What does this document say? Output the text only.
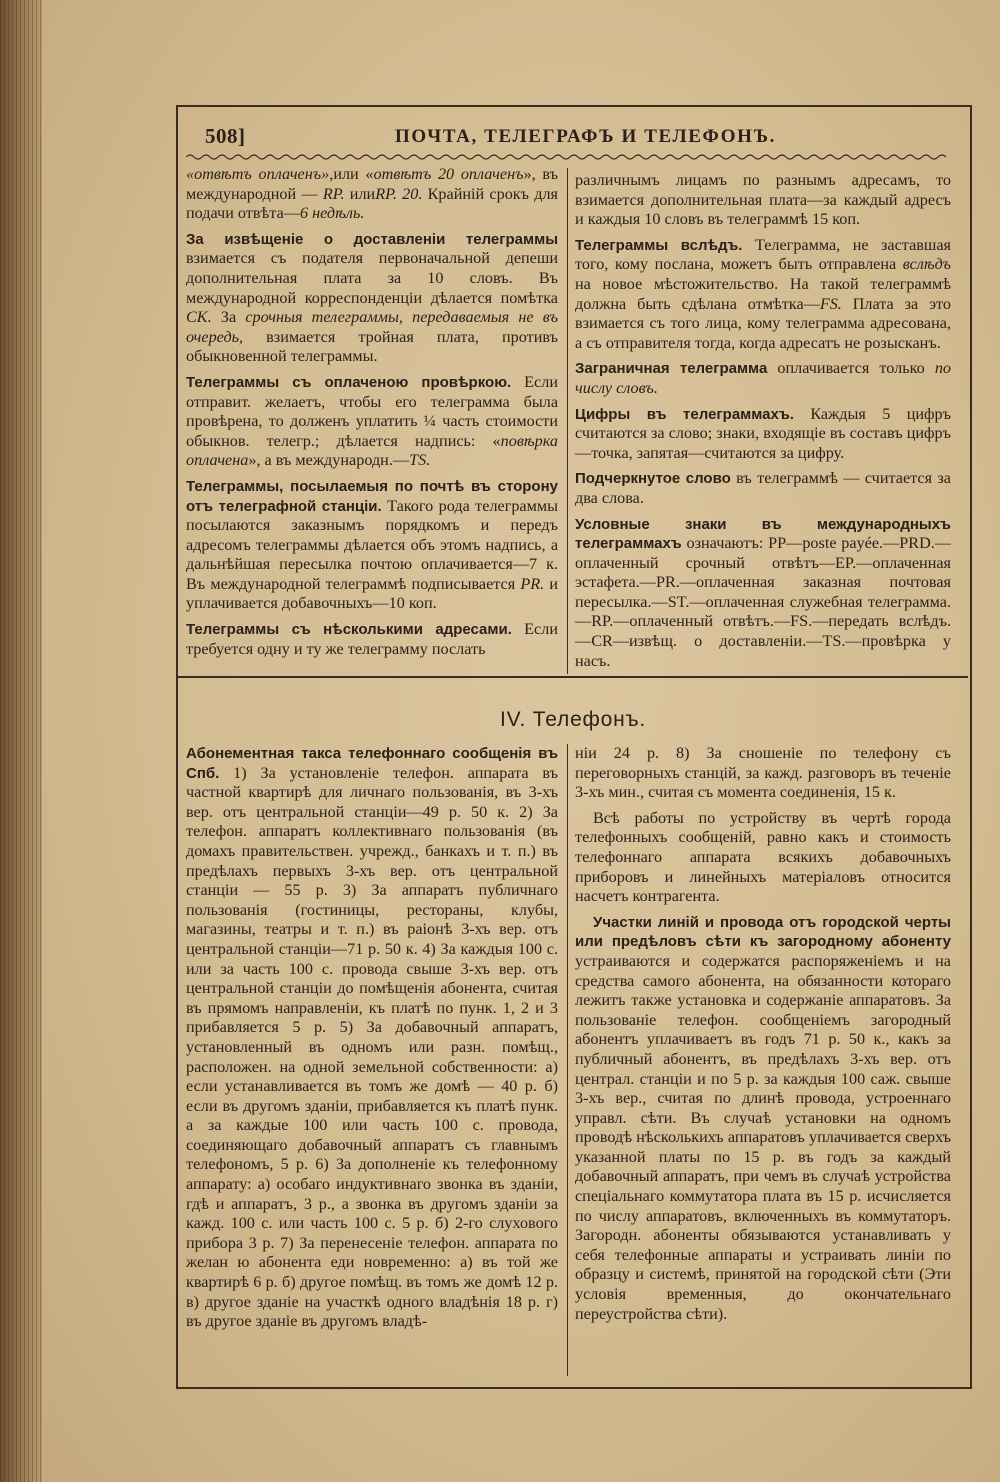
508]	ПОЧТА, ТЕЛЕГРАФЪ И ТЕЛЕФОНЪ.

«отвѣтъ оплаченъ»,или «отвѣтъ 20 оплаченъ», въ международной — RP. илиRP. 20. Крайній срокъ для подачи отвѣта—6 недѣль.

За извѣщеніе о доставленіи телеграммы взимается съ подателя первоначальной депеши дополнительная плата за 10 словъ. Въ международной корреспонденціи дѣлается помѣтка CK. За срочныя телеграммы, передаваемыя не въ очередь, взимается тройная плата, противъ обыкновенной телеграммы.

Телеграммы съ оплаченою провѣркою. Если отправит. желаетъ, чтобы его телеграмма была провѣрена, то долженъ уплатить ¼ часть стоимости обыкнов. телегр.; дѣлается надпись: «повѣрка оплачена», а въ международн.—TS.

Телеграммы, посылаемыя по почтѣ въ сторону отъ телеграфной станціи. Такого рода телеграммы посылаются заказнымъ порядкомъ и передъ адресомъ телеграммы дѣлается объ этомъ надпись, а дальнѣйшая пересылка почтою оплачивается—7 к. Въ международной телеграммѣ подписывается PR. и уплачивается добавочныхъ—10 коп.

Телеграммы съ нѣсколькими адресами. Если требуется одну и ту же телеграмму послать

различнымъ лицамъ по разнымъ адресамъ, то взимается дополнительная плата—за каждый адресъ и каждыя 10 словъ въ телеграммѣ 15 коп.

Телеграммы вслѣдъ. Телеграмма, не заставшая того, кому послана, можетъ быть отправлена вслѣдъ на новое мѣстожительство. На такой телеграммѣ должна быть сдѣлана отмѣтка—FS. Плата за это взимается съ того лица, кому телеграмма адресована, а съ отправителя тогда, когда адресатъ не розысканъ.

Заграничная телеграмма оплачивается только по числу словъ.

Цифры въ телеграммахъ. Каждыя 5 цифръ считаются за слово; знаки, входящіе въ составъ цифръ—точка, запятая—считаются за цифру.

Подчеркнутое слово въ телеграммѣ — считается за два слова.

Условные знаки въ международныхъ телеграммахъ означаютъ: PP—poste payée.—PRD.—оплаченный срочный отвѣтъ—EP.—оплаченная эстафета.—PR.—оплаченная заказная почтовая пересылка.—ST.—оплаченная служебная телеграмма.—RP.—оплаченный отвѣтъ.—FS.—передать вслѣдъ.—CR—извѣщ. о доставленіи.—TS.—провѣрка у насъ.

IV. Телефонъ.

Абонементная такса телефоннаго сообщенія въ Спб. 1) За установленіе телефон. аппарата въ частной квартирѣ для личнаго пользованія, въ 3-хъ вер. отъ центральной станціи—49 р. 50 к. 2) За телефон. аппаратъ коллективнаго пользованія (въ домахъ правительствен. учрежд., банкахъ и т. п.) въ предѣлахъ первыхъ 3-хъ вер. отъ центральной станціи — 55 р. 3) За аппаратъ публичнаго пользованія (гостиницы, рестораны, клубы, магазины, театры и т. п.) въ раіонѣ 3-хъ вер. отъ центральной станціи—71 р. 50 к. 4) За каждыя 100 с. или за часть 100 с. провода свыше 3-хъ вер. отъ центральной станціи до помѣщенія абонента, считая въ прямомъ направленіи, къ платѣ по пунк. 1, 2 и 3 прибавляется 5 р. 5) За добавочный аппаратъ, установленный въ одномъ или разн. помѣщ., расположен. на одной земельной собственности: а) если устанавливается въ томъ же домѣ — 40 р. б) если въ другомъ зданіи, прибавляется къ платѣ пунк. а за каждые 100 или часть 100 с. провода, соединяющаго добавочный аппаратъ съ главнымъ телефономъ, 5 р. 6) За дополненіе къ телефонному аппарату: а) особаго индуктивнаго звонка въ зданіи, гдѣ и аппаратъ, 3 р., а звонка въ другомъ зданіи за кажд. 100 с. или часть 100 с. 5 р. б) 2-го слухового прибора 3 р. 7) За перенесеніе телефон. аппарата по желан ю абонента еди новременно: а) въ той же квартирѣ 6 р. б) другое помѣщ. въ томъ же домѣ 12 р. в) другое зданіе на участкѣ одного владѣнія 18 р. г) въ другое зданіе въ другомъ владѣ-

ніи 24 р. 8) За сношеніе по телефону съ переговорныхъ станцій, за кажд. разговоръ въ теченіе 3-хъ мин., считая съ момента соединенія, 15 к.

Всѣ работы по устройству въ чертѣ города телефонныхъ сообщеній, равно какъ и стоимость телефоннаго аппарата всякихъ добавочныхъ приборовъ и линейныхъ матеріаловъ относится насчетъ контрагента.

Участки линій и провода отъ городской черты или предѣловъ сѣти къ загородному абоненту устраиваются и содержатся распоряженіемъ и на средства самого абонента, на обязанности котораго лежитъ также установка и содержаніе аппаратовъ. За пользованіе телефон. сообщеніемъ загородный абонентъ уплачиваетъ въ годъ 71 р. 50 к., какъ за публичный абонентъ, въ предѣлахъ 3-хъ вер. отъ централ. станціи и по 5 р. за каждыя 100 саж. свыше 3-хъ вер., считая по длинѣ провода, устроеннаго управл. сѣти. Въ случаѣ установки на одномъ проводѣ нѣсколькихъ аппаратовъ уплачивается сверхъ указанной платы по 15 р. въ годъ за каждый добавочный аппаратъ, при чемъ въ случаѣ устройства спеціальнаго коммутатора плата въ 15 р. исчисляется по числу аппаратовъ, включенныхъ въ коммутаторъ. Загородн. абоненты обязываются устанавливать у себя телефонные аппараты и устраивать линіи по образцу и системѣ, принятой на городской сѣти (Эти условія временныя, до окончательнаго переустройства сѣти).
